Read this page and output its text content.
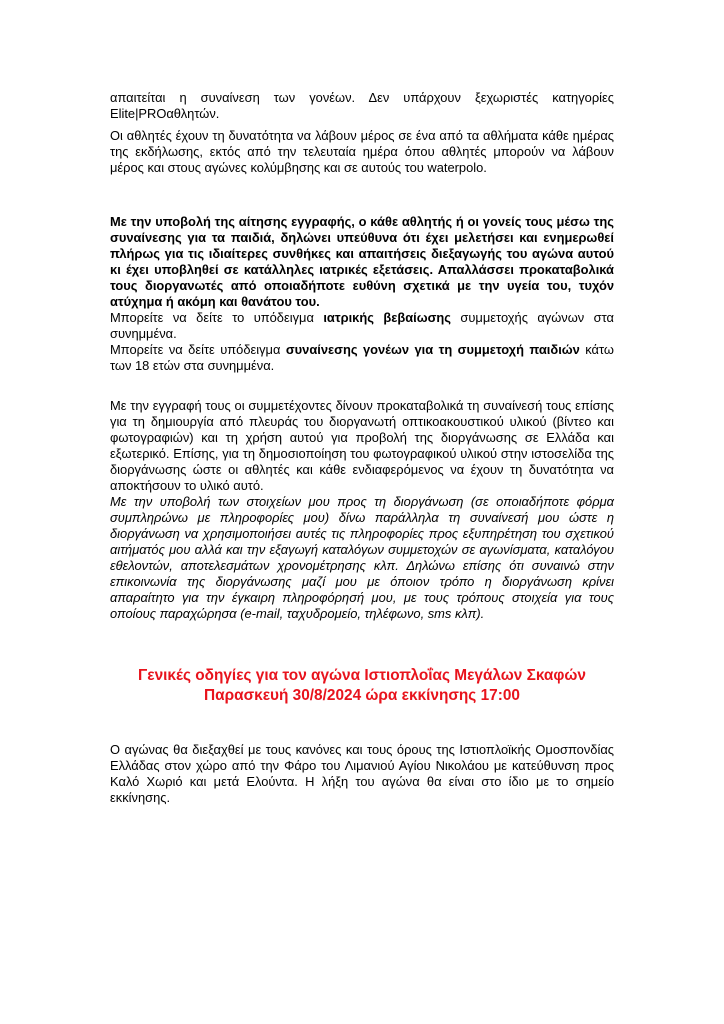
απαιτείται η συναίνεση των γονέων. Δεν υπάρχουν ξεχωριστές κατηγορίες Elite|PROαθλητών.

Οι αθλητές έχουν τη δυνατότητα να λάβουν μέρος σε ένα από τα αθλήματα κάθε ημέρας της εκδήλωσης, εκτός από την τελευταία ημέρα όπου αθλητές μπορούν να λάβουν μέρος και στους αγώνες κολύμβησης και σε αυτούς του waterpolo.

Με την υποβολή της αίτησης εγγραφής, ο κάθε αθλητής ή οι γονείς τους μέσω της συναίνεσης για τα παιδιά, δηλώνει υπεύθυνα ότι έχει μελετήσει και ενημερωθεί πλήρως για τις ιδιαίτερες συνθήκες και απαιτήσεις διεξαγωγής του αγώνα αυτού κι έχει υποβληθεί σε κατάλληλες ιατρικές εξετάσεις. Απαλλάσσει προκαταβολικά τους διοργανωτές από οποιαδήποτε ευθύνη σχετικά με την υγεία του, τυχόν ατύχημα ή ακόμη και θανάτου του.

Μπορείτε να δείτε το υπόδειγμα ιατρικής βεβαίωσης συμμετοχής αγώνων στα συνημμένα.

Μπορείτε να δείτε υπόδειγμα συναίνεσης γονέων για τη συμμετοχή παιδιών κάτω των 18 ετών στα συνημμένα.

Με την εγγραφή τους οι συμμετέχοντες δίνουν προκαταβολικά τη συναίνεσή τους επίσης για τη δημιουργία από πλευράς του διοργανωτή οπτικοακουστικού υλικού (βίντεο και φωτογραφιών) και τη χρήση αυτού για προβολή της διοργάνωσης σε Ελλάδα και εξωτερικό. Επίσης, για τη δημοσιοποίηση του φωτογραφικού υλικού στην ιστοσελίδα της διοργάνωσης ώστε οι αθλητές και κάθε ενδιαφερόμενος να έχουν τη δυνατότητα να αποκτήσουν το υλικό αυτό.

Με την υποβολή των στοιχείων μου προς τη διοργάνωση (σε οποιαδήποτε φόρμα συμπληρώνω με πληροφορίες μου) δίνω παράλληλα τη συναίνεσή μου ώστε η διοργάνωση να χρησιμοποιήσει αυτές τις πληροφορίες προς εξυπηρέτηση του σχετικού αιτήματός μου αλλά και την εξαγωγή καταλόγων συμμετοχών σε αγωνίσματα, καταλόγου εθελοντών, αποτελεσμάτων χρονομέτρησης κλπ. Δηλώνω επίσης ότι συναινώ στην επικοινωνία της διοργάνωσης μαζί μου με όποιον τρόπο η διοργάνωση κρίνει απαραίτητο για την έγκαιρη πληροφόρησή μου, με τους τρόπους στοιχεία για τους οποίους παραχώρησα (e-mail, ταχυδρομείο, τηλέφωνο, sms κλπ).

Γενικές οδηγίες για τον αγώνα Ιστιοπλοΐας Μεγάλων Σκαφών

Παρασκευή 30/8/2024 ώρα εκκίνησης 17:00

Ο αγώνας θα διεξαχθεί με τους κανόνες και τους όρους της Ιστιοπλοϊκής Ομοσπονδίας Ελλάδας στον χώρο από την Φάρο του Λιμανιού Αγίου Νικολάου με κατεύθυνση προς Καλό Χωριό και μετά Ελούντα. Η λήξη του αγώνα θα είναι στο ίδιο με το σημείο εκκίνησης.
